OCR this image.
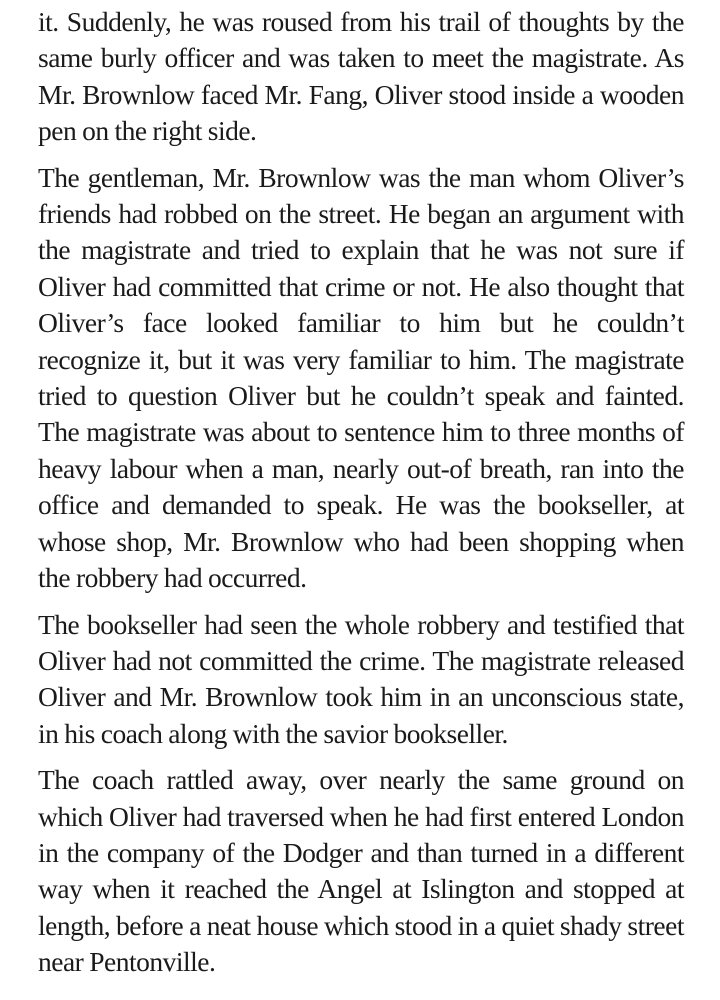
it. Suddenly, he was roused from his trail of thoughts by the same burly officer and was taken to meet the magistrate. As Mr. Brownlow faced Mr. Fang, Oliver stood inside a wooden pen on the right side.

The gentleman, Mr. Brownlow was the man whom Oliver’s friends had robbed on the street. He began an argument with the magistrate and tried to explain that he was not sure if Oliver had committed that crime or not. He also thought that Oliver’s face looked familiar to him but he couldn’t recognize it, but it was very familiar to him. The magistrate tried to question Oliver but he couldn’t speak and fainted. The magistrate was about to sentence him to three months of heavy labour when a man, nearly out-of breath, ran into the office and demanded to speak. He was the bookseller, at whose shop, Mr. Brownlow who had been shopping when the robbery had occurred.

The bookseller had seen the whole robbery and testified that Oliver had not committed the crime. The magistrate released Oliver and Mr. Brownlow took him in an unconscious state, in his coach along with the savior bookseller.

The coach rattled away, over nearly the same ground on which Oliver had traversed when he had first entered London in the company of the Dodger and than turned in a different way when it reached the Angel at Islington and stopped at length, before a neat house which stood in a quiet shady street near Pentonville.
